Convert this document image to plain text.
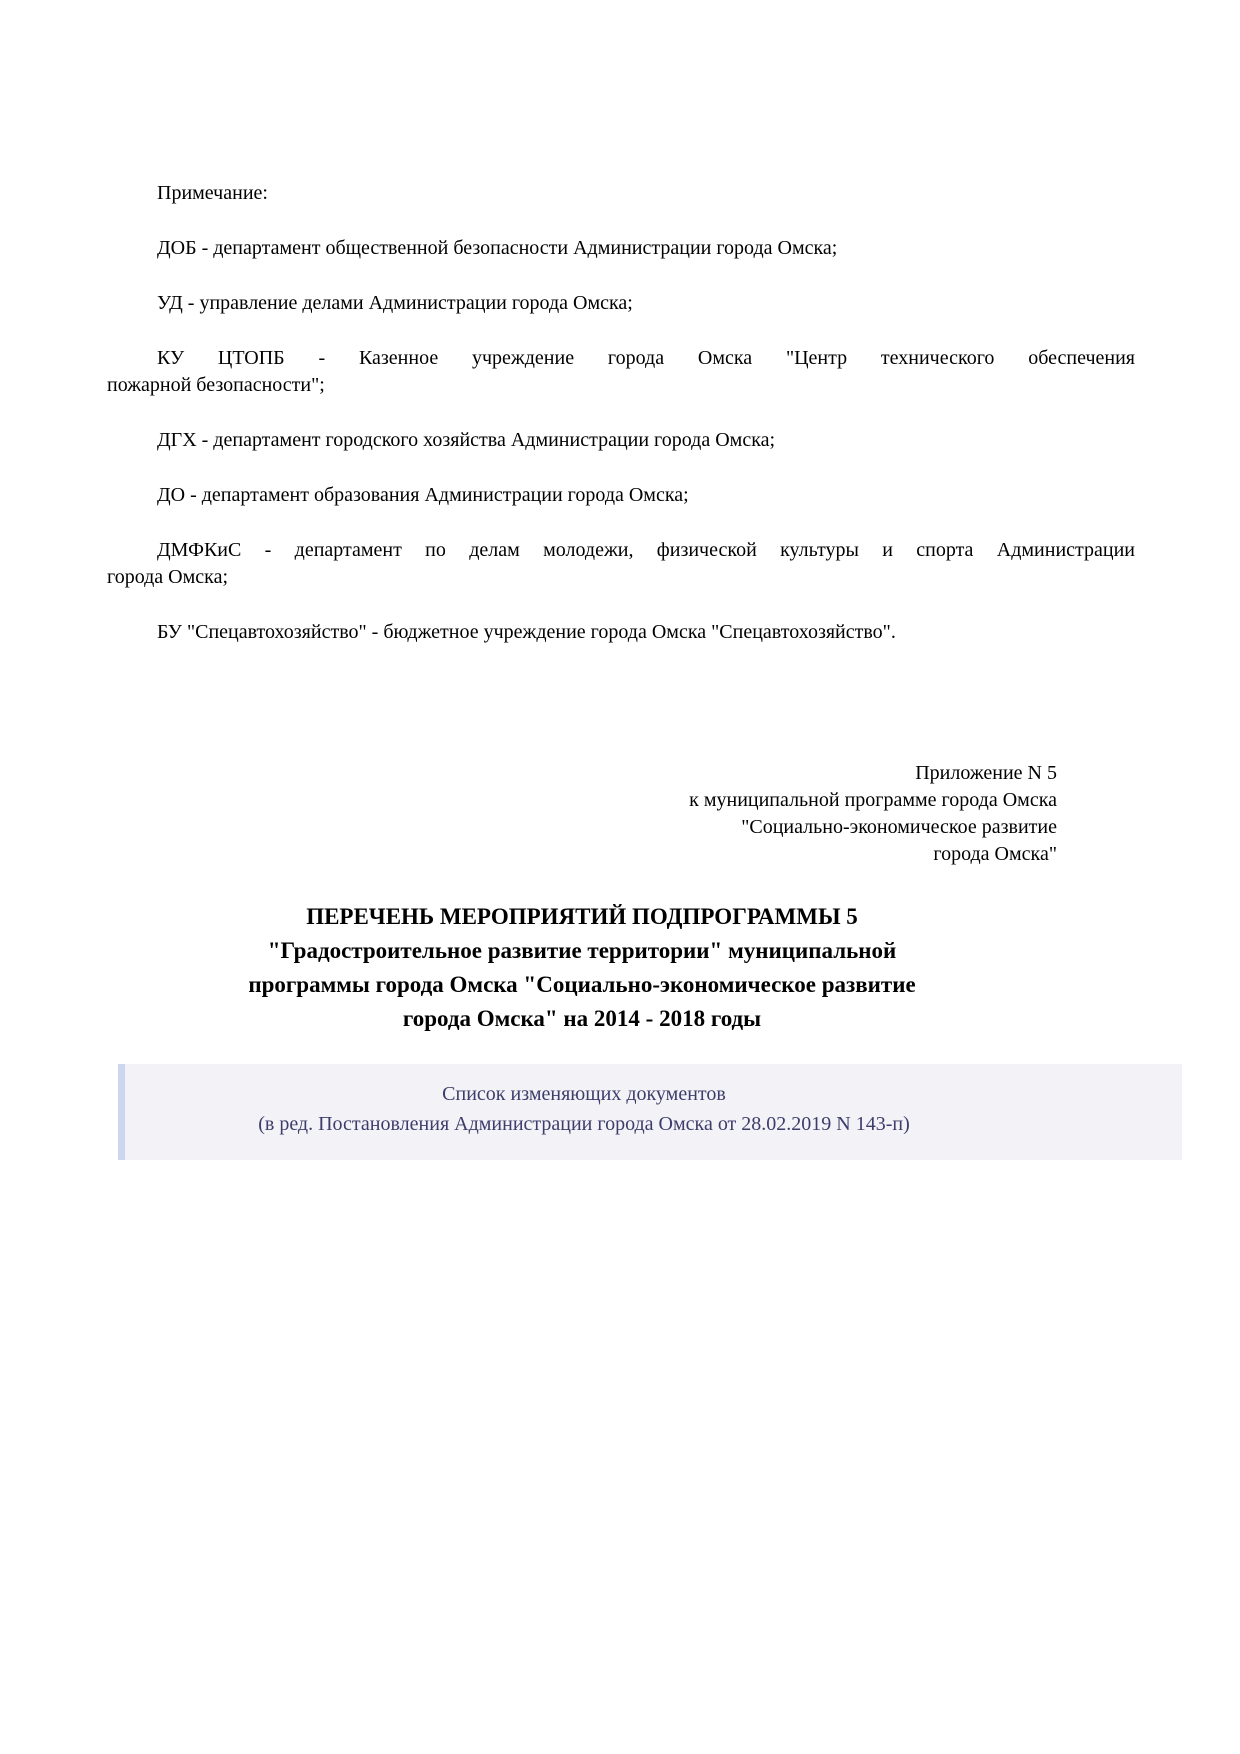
Примечание:
ДОБ - департамент общественной безопасности Администрации города Омска;
УД - управление делами Администрации города Омска;
КУ ЦТОПБ - Казенное учреждение города Омска "Центр технического обеспечения
пожарной безопасности";
ДГХ - департамент городского хозяйства Администрации города Омска;
ДО - департамент образования Администрации города Омска;
ДМФКиС - департамент по делам молодежи, физической культуры и спорта Администрации
города Омска;
БУ "Спецавтохозяйство" - бюджетное учреждение города Омска "Спецавтохозяйство".
Приложение N 5
к муниципальной программе города Омска
"Социально-экономическое развитие
города Омска"
ПЕРЕЧЕНЬ МЕРОПРИЯТИЙ ПОДПРОГРАММЫ 5
"Градостроительное развитие территории" муниципальной
программы города Омска "Социально-экономическое развитие
города Омска" на 2014 - 2018 годы
Список изменяющих документов
(в ред. Постановления Администрации города Омска от 28.02.2019 N 143-п)
